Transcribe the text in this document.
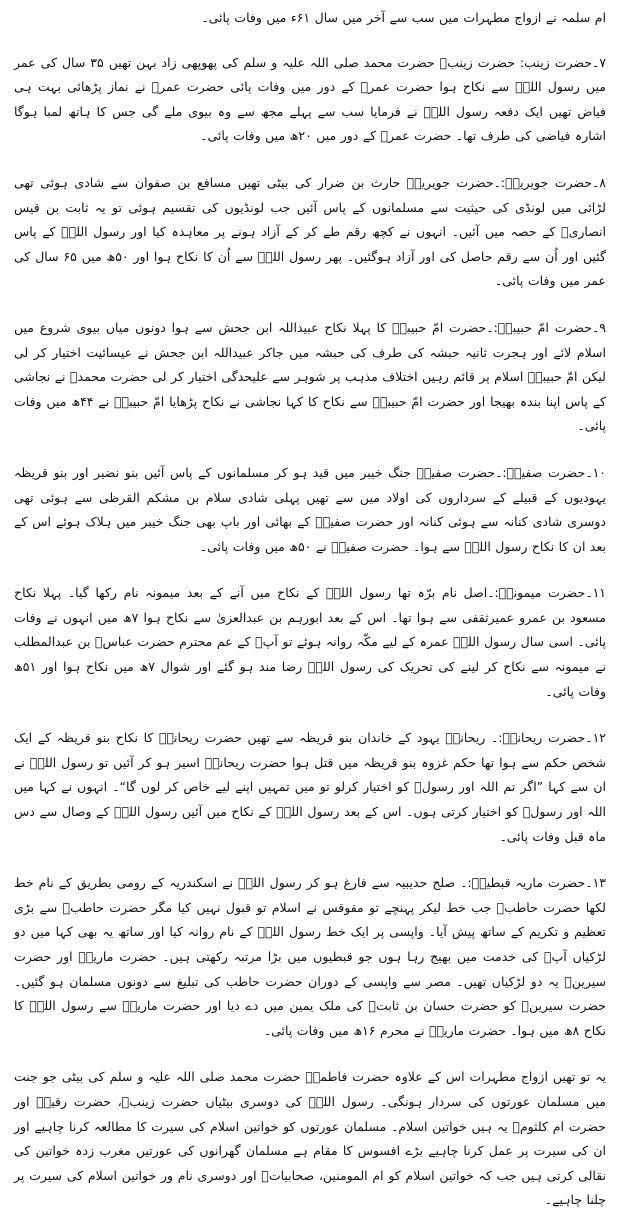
ام سلمہ نے ازواج مطہرات میں سب سے آخر میں سال ۶۱ء میں وفات پائی۔

۷۔حضرت زینب: حضرت زینبؓ حضرت محمد صلی اللہ علیہ و سلم کی پھوپھی زاد بہن تھیں ۳۵ سال کی عمر میں رسول اللہؐ سے نکاح ہوا حضرت عمرؓ کے دور میں وفات پائی حضرت عمرؓ نے نماز پڑھائی بہت ہی فیاض تھیں ایک دفعہ رسول اللہؐ نے فرمایا سب سے پہلے مجھ سے وہ بیوی ملے گی جس کا ہاتھ لمبا ہوگا اشارہ فیاضی کی طرف تھا۔ حضرت عمرؓ کے دور میں ۲۰ھ میں وفات پائی۔

۸۔حضرت جویریہؓ:۔حضرت جویریہؓ حارث بن ضرار کی بیٹی تھیں مسافع بن صفوان سے شادی ہوئی تھی لڑائی میں لونڈی کی حیثیت سے مسلمانوں کے پاس آئیں جب لونڈیوں کی تقسیم ہوئی تو یہ ثابت بن قیس انصاریؓ کے حصہ میں آئیں۔ انہوں نے کچھ رقم طے کر کے آزاد ہونے پر معاہدہ کیا اور رسول اللہؐ کے پاس گئیں اور اُن سے رقم حاصل کی اور آزاد ہوگئیں۔ پھر رسول اللہؐ سے اُن کا نکاح ہوا اور ۵۰ھ میں ۶۵ سال کی عمر میں وفات پائی۔

۹۔حضرت امّ حبیبہؓ:۔حضرت امّ حبیبہؓ کا پہلا نکاح عبیداللہ ابن جحش سے ہوا دونوں میاں بیوی شروع میں اسلام لائے اور ہجرت ثانیہ حبشہ کی طرف کی حبشہ میں جاکر عبیداللہ ابن جحش نے عیسائیت اختیار کر لی لیکن امّ حبیبہؓ اسلام پر قائم رہیں اختلاف مذہب پر شوہر سے علیحدگی اختیار کر لی حضرت محمدؐ نے نجاشی کے پاس اپنا بندہ بھیجا اور حضرت امّ حبیبہؓ سے نکاح کا کہا نجاشی نے نکاح پڑھایا امّ حبیبہؓ نے ۴۴ھ میں وفات پائی۔

۱۰۔حضرت صفیہؓ:۔حضرت صفیہؓ جنگ خیبر میں قید ہو کر مسلمانوں کے پاس آئیں بنو نضیر اور بنو قریظہ یہودیوں کے قبیلے کے سرداروں کی اولاد میں سے تھیں پہلی شادی سلام بن مشکم القرظی سے ہوئی تھی دوسری شادی کنانہ سے ہوئی کنانہ اور حضرت صفیہؓ کے بھائی اور باپ بھی جنگ خیبر میں ہلاک ہوئے اس کے بعد ان کا نکاح رسول اللہؐ سے ہوا۔ حضرت صفیہؓ نے ۵۰ھ میں وفات پائی۔

۱۱۔حضرت میمونہؓ:۔اصل نام برّہ تھا رسول اللہؐ کے نکاح میں آنے کے بعد میمونہ نام رکھا گیا۔ پہلا نکاح مسعود بن عمرو عمیرثقفی سے ہوا تھا۔ اس کے بعد ابورہم بن عبدالعزیٰ سے نکاح ہوا ۷ھ میں انہوں نے وفات پائی۔ اسی سال رسول اللہؐ عمرہ کے لیے مکّہ روانہ ہوئے تو آپؐ کے عم محترم حضرت عباسؓ بن عبدالمطلب نے میمونہ سے نکاح کر لینے کی تحریک کی رسول اللہؐ رضا مند ہو گئے اور شوال ۷ھ میں نکاح ہوا اور ۵۱ھ وفات پائی۔

۱۲۔حضرت ریحانہؓ:۔ ریحانہؓ یہود کے خاندان بنو قریظہ سے تھیں حضرت ریحانہؓ کا نکاح بنو قریظہ کے ایک شخص حکم سے ہوا تھا حکم غزوہ بنو قریظہ میں قتل ہوا حضرت ریحانہؓ اسیر ہو کر آئیں تو رسول اللہؐ نے ان سے کہا ”اگر تم اللہ اور رسولؐ کو اختیار کرلو تو میں تمہیں اپنے لیے خاص کر لوں گا“۔ انہوں نے کہا میں اللہ اور رسولؐ کو اختیار کرتی ہوں۔ اس کے بعد رسول اللہؐ کے نکاح میں آئیں رسول اللہؐ کے وصال سے دس ماہ قبل وفات پائی۔

۱۳۔حضرت ماریہ قبطیہؓ:۔ صلح حدیبیہ سے فارغ ہو کر رسول اللہؐ نے اسکندریہ کے رومی بطریق کے نام خط لکھا حضرت حاطبؓ جب خط لیکر پہنچے تو مقوقس نے اسلام تو قبول نہیں کیا مگر حضرت حاطبؓ سے بڑی تعظیم و تکریم کے ساتھ پیش آیا۔ واپسی پر ایک خط رسول اللہؐ کے نام روانہ کیا اور ساتھ یہ بھی کہا میں دو لڑکیاں آپؐ کی خدمت میں بھیج رہا ہوں جو قبطیوں میں بڑا مرتبہ رکھتی ہیں۔ حضرت ماریہؓ اور حضرت سیرینؓ یہ دو لڑکیاں تھیں۔ مصر سے واپسی کے دوران حضرت حاطب کی تبلیغ سے دونوں مسلمان ہو گئیں۔ حضرت سیرینؓ کو حضرت حسان بن ثابتؓ کی ملک یمین میں دے دیا اور حضرت ماریہؓ سے رسول اللہؐ کا نکاح ۸ھ میں ہوا۔ حضرت ماریہؓ نے محرم ۱۶ھ میں وفات پائی۔

یہ تو تھیں ازواج مطہرات اس کے علاوہ حضرت فاطمہؓ حضرت محمد صلی اللہ علیہ و سلم کی بیٹی جو جنت میں مسلمان عورتوں کی سردار ہونگی۔ رسول اللہؐ کی دوسری بیٹیاں حضرت زینبؓ، حضرت رقیہؓ اور حضرت ام کلثومؓ یہ ہیں خواتین اسلام۔ مسلمان عورتوں کو خواتین اسلام کی سیرت کا مطالعہ کرنا چاہیے اور ان کی سیرت پر عمل کرنا چاہیے بڑے افسوس کا مقام ہے مسلمان گھرانوں کی عورتیں مغرب زدہ خواتین کی نقالی کرتی ہیں جب کہ خواتین اسلام کو ام المومنین، صحابیاتؓ اور دوسری نام ور خواتین اسلام کی سیرت پر چلنا چاہیے۔
